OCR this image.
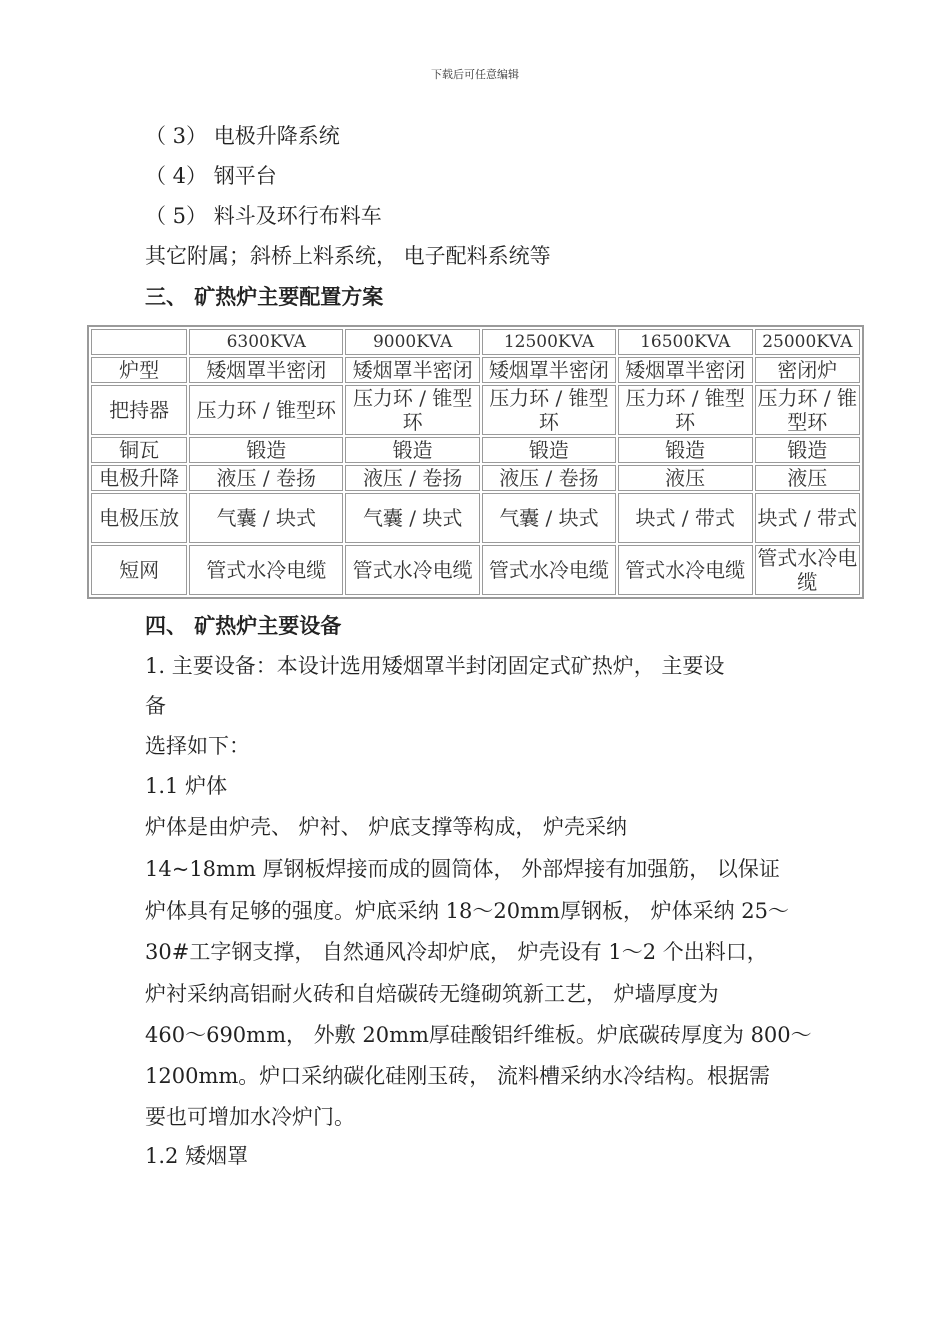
下载后可任意编辑
（ 3） 电极升降系统
（ 4） 钢平台
（ 5） 料斗及环行布料车
其它附属；斜桥上料系统， 电子配料系统等
三、 矿热炉主要配置方案
	6300KVA	9000KVA	12500KVA	16500KVA	25000KVA
炉型	矮烟罩半密闭	矮烟罩半密闭	矮烟罩半密闭	矮烟罩半密闭	密闭炉
把持器	压力环 / 锥型环	压力环 / 锥型环	压力环 / 锥型环	压力环 / 锥型环	压力环 / 锥型环
铜瓦	锻造	锻造	锻造	锻造	锻造
电极升降	液压 / 卷扬	液压 / 卷扬	液压 / 卷扬	液压	液压
电极压放	气囊 / 块式	气囊 / 块式	气囊 / 块式	块式 / 带式	块式 / 带式
短网	管式水冷电缆	管式水冷电缆	管式水冷电缆	管式水冷电缆	管式水冷电缆
四、 矿热炉主要设备
1. 主要设备：本设计选用矮烟罩半封闭固定式矿热炉， 主要设
备
选择如下：
1.1 炉体
炉体是由炉壳、 炉衬、 炉底支撑等构成， 炉壳采纳
14~18mm 厚钢板焊接而成的圆筒体， 外部焊接有加强筋， 以保证
炉体具有足够的强度。炉底采纳 18～20mm厚钢板， 炉体采纳 25～
30#工字钢支撑， 自然通风冷却炉底， 炉壳设有 1～2 个出料口，
炉衬采纳高铝耐火砖和自焙碳砖无缝砌筑新工艺， 炉墙厚度为
460～690mm， 外敷 20mm厚硅酸铝纤维板。炉底碳砖厚度为 800～
1200mm。炉口采纳碳化硅刚玉砖， 流料槽采纳水冷结构。根据需
要也可增加水冷炉门。
1.2 矮烟罩
